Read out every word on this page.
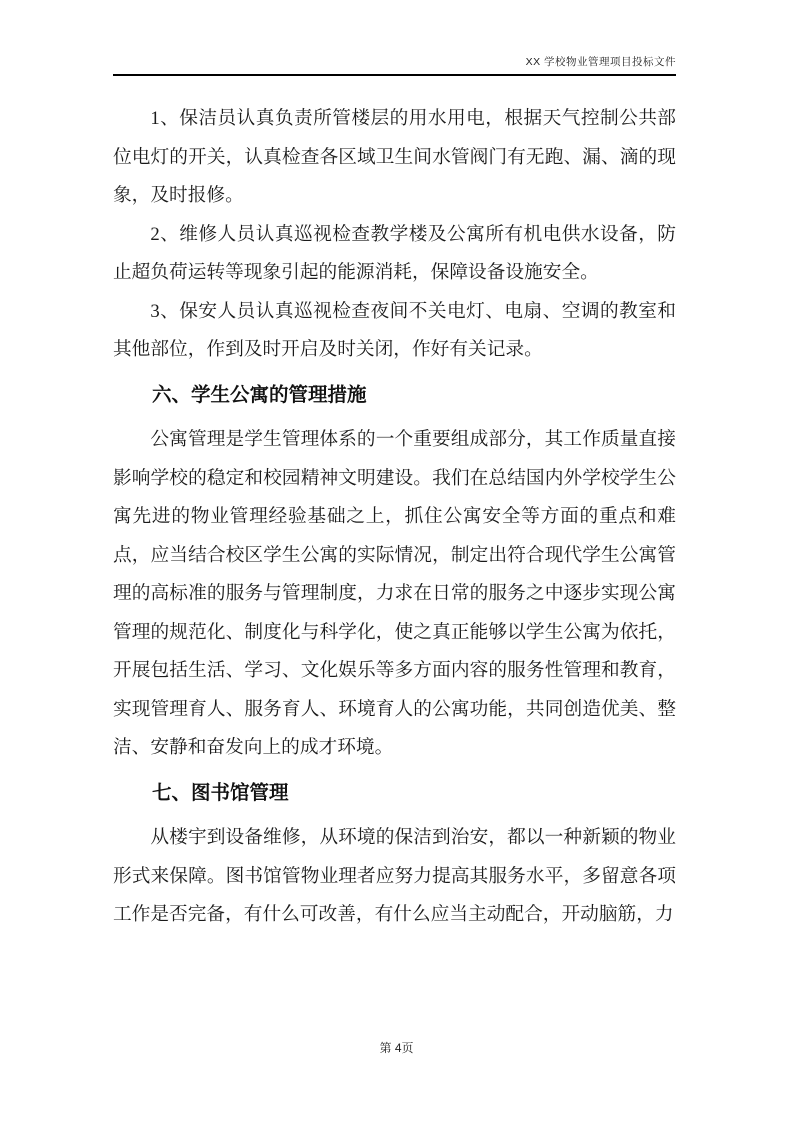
XX 学校物业管理项目投标文件

1、保洁员认真负责所管楼层的用水用电，根据天气控制公共部位电灯的开关，认真检查各区域卫生间水管阀门有无跑、漏、滴的现象，及时报修。

2、维修人员认真巡视检查教学楼及公寓所有机电供水设备，防止超负荷运转等现象引起的能源消耗，保障设备设施安全。

3、保安人员认真巡视检查夜间不关电灯、电扇、空调的教室和其他部位，作到及时开启及时关闭，作好有关记录。

六、学生公寓的管理措施

公寓管理是学生管理体系的一个重要组成部分，其工作质量直接影响学校的稳定和校园精神文明建设。我们在总结国内外学校学生公寓先进的物业管理经验基础之上，抓住公寓安全等方面的重点和难点，应当结合校区学生公寓的实际情况，制定出符合现代学生公寓管理的高标准的服务与管理制度，力求在日常的服务之中逐步实现公寓管理的规范化、制度化与科学化，使之真正能够以学生公寓为依托，开展包括生活、学习、文化娱乐等多方面内容的服务性管理和教育，实现管理育人、服务育人、环境育人的公寓功能，共同创造优美、整洁、安静和奋发向上的成才环境。

七、图书馆管理

从楼宇到设备维修，从环境的保洁到治安，都以一种新颖的物业形式来保障。图书馆管物业理者应努力提高其服务水平，多留意各项工作是否完备，有什么可改善，有什么应当主动配合，开动脑筋，力

第 4页
